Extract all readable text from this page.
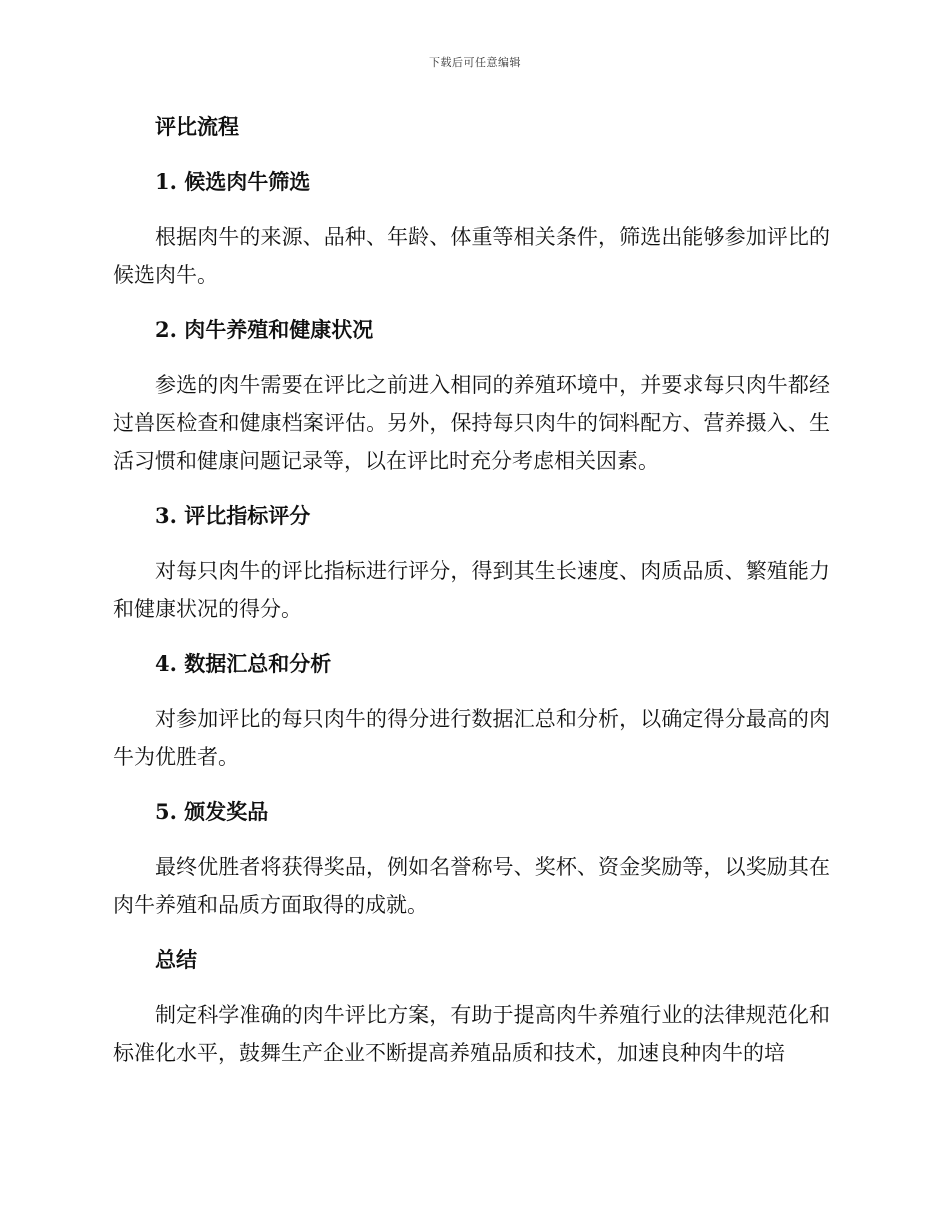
下载后可任意编辑
评比流程
1. 候选肉牛筛选
根据肉牛的来源、品种、年龄、体重等相关条件，筛选出能够参加评比的候选肉牛。
2. 肉牛养殖和健康状况
参选的肉牛需要在评比之前进入相同的养殖环境中，并要求每只肉牛都经过兽医检查和健康档案评估。另外，保持每只肉牛的饲料配方、营养摄入、生活习惯和健康问题记录等，以在评比时充分考虑相关因素。
3. 评比指标评分
对每只肉牛的评比指标进行评分，得到其生长速度、肉质品质、繁殖能力和健康状况的得分。
4. 数据汇总和分析
对参加评比的每只肉牛的得分进行数据汇总和分析，以确定得分最高的肉牛为优胜者。
5. 颁发奖品
最终优胜者将获得奖品，例如名誉称号、奖杯、资金奖励等，以奖励其在肉牛养殖和品质方面取得的成就。
总结
制定科学准确的肉牛评比方案，有助于提高肉牛养殖行业的法律规范化和标准化水平，鼓舞生产企业不断提高养殖品质和技术，加速良种肉牛的培
